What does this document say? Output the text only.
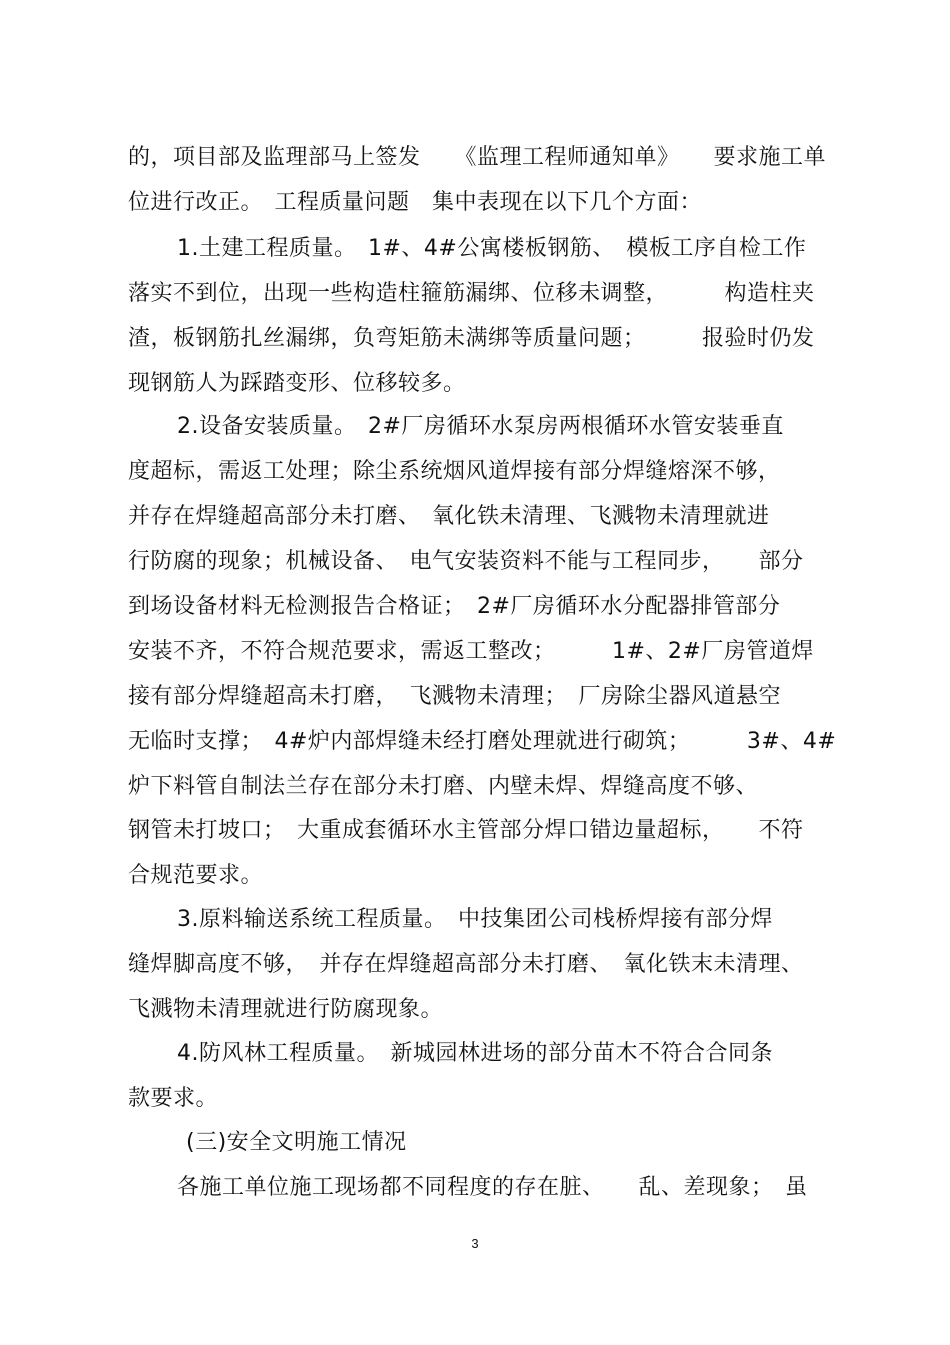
的，项目部及监理部马上签发　　《监理工程师通知单》　　要求施工单
位进行改正。　工程质量问题　集中表现在以下几个方面：
1.土建工程质量。　1#、4#公寓楼板钢筋、　模板工序自检工作
落实不到位，出现一些构造柱箍筋漏绑、位移未调整，　　　构造柱夹
渣，板钢筋扎丝漏绑，负弯矩筋未满绑等质量问题；　　　报验时仍发
现钢筋人为踩踏变形、位移较多。
2.设备安装质量。　2#厂房循环水泵房两根循环水管安装垂直
度超标，需返工处理；除尘系统烟风道焊接有部分焊缝熔深不够，
并存在焊缝超高部分未打磨、　氧化铁未清理、飞溅物未清理就进
行防腐的现象；机械设备、　电气安装资料不能与工程同步，　　部分
到场设备材料无检测报告合格证；　2#厂房循环水分配器排管部分
安装不齐，不符合规范要求，需返工整改；　　　1#、2#厂房管道焊
接有部分焊缝超高未打磨，　飞溅物未清理；　厂房除尘器风道悬空
无临时支撑；　4#炉内部焊缝未经打磨处理就进行砌筑；　　　3#、4#
炉下料管自制法兰存在部分未打磨、内壁未焊、焊缝高度不够、
钢管未打坡口；　大重成套循环水主管部分焊口错边量超标，　　不符
合规范要求。
3.原料输送系统工程质量。　中技集团公司栈桥焊接有部分焊
缝焊脚高度不够，　并存在焊缝超高部分未打磨、　氧化铁末未清理、
飞溅物未清理就进行防腐现象。
4.防风林工程质量。　新城园林进场的部分苗木不符合合同条
款要求。
(三)安全文明施工情况
各施工单位施工现场都不同程度的存在脏、　　乱、差现象；　虽
3
